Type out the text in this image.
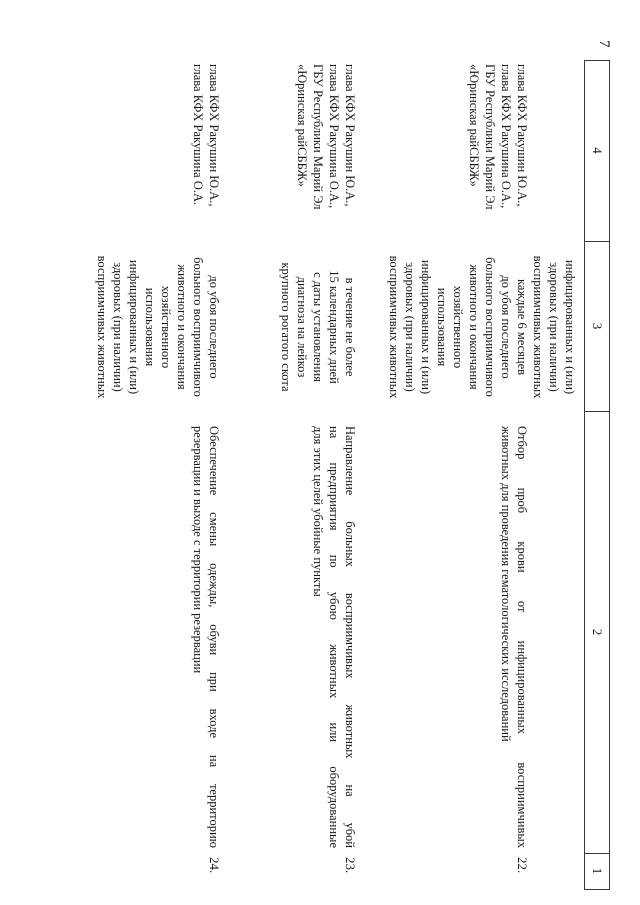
7
4
3
2
1
инфицированных и (или)
здоровых (при наличии)
восприимчивых животных
22.
Отбор проб крови от инфицированных восприимчивых
животных для проведения гематологических исследований
каждые 6 месяцев
до убоя последнего
больного восприимчивого
животного и окончания
хозяйственного
использования
инфицированных и (или)
здоровых (при наличии)
восприимчивых животных
глава КФХ Ракушин Ю.А.,
глава КФХ Ракушина О.А.,
ГБУ Республики Марий Эл
«Юринская райСББЖ»
23.
Направление больных восприимчивых животных на убой
на предприятия по убою животных или оборудованные
для этих целей убойные пункты
в течение не более
15 календарных дней
с даты установления
диагноза на лейкоз
крупного рогатого скота
глава КФХ Ракушин Ю.А.,
глава КФХ Ракушина О.А.,
ГБУ Республики Марий Эл
«Юринская райСББЖ»
24.
Обеспечение смены одежды, обуви при входе на территорию
резервации и выходе с территории резервации
до убоя последнего
больного восприимчивого
животного и окончания
хозяйственного
использования
инфицированных и (или)
здоровых (при наличии)
восприимчивых животных
глава КФХ Ракушин Ю.А.,
глава КФХ Ракушина О.А.
